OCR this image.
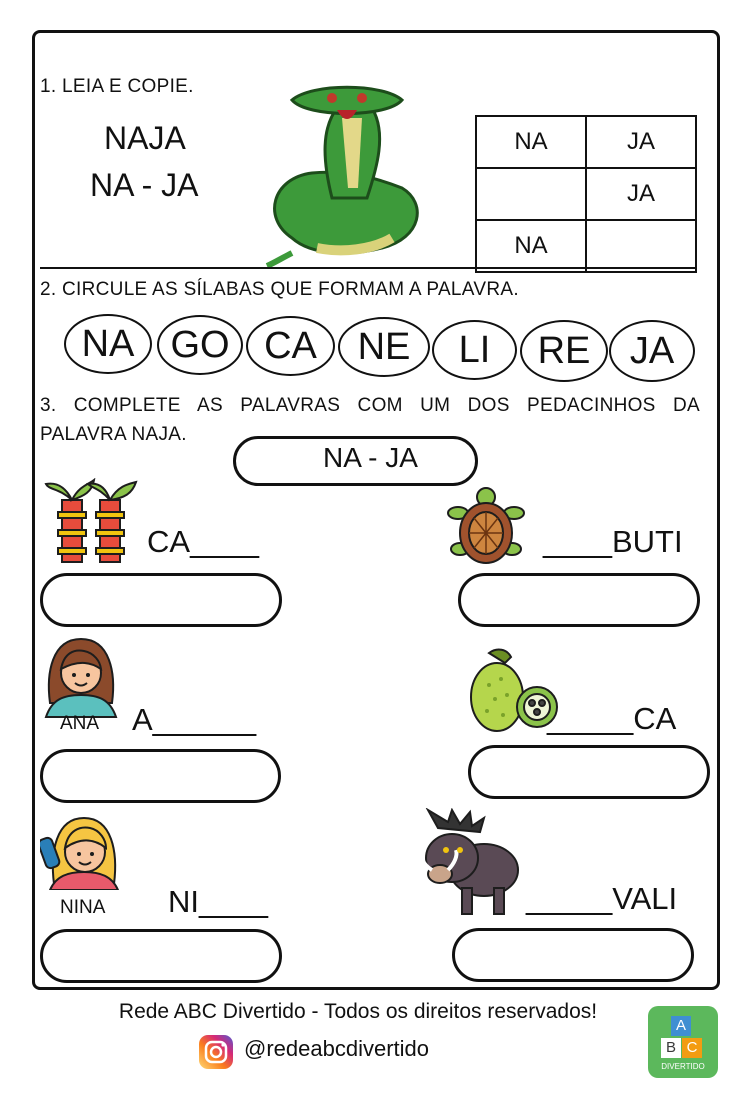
1. LEIA E COPIE.
NAJA
NA - JA
NA	JA
	JA
NA	
2. CIRCULE AS SÍLABAS QUE FORMAM A PALAVRA.
NA GO CA	NE	LI	RE	JA
3. COMPLETE AS PALAVRAS COM UM DOS PEDACINHOS DA
PALAVRA NAJA.
NA - JA
CA____	____BUTI
ANA A______	_____CA
NINA NI____	_____VALI
Rede ABC Divertido - Todos os direitos reservados!
@redeabcdivertido
A
B C
DIVERTIDO
